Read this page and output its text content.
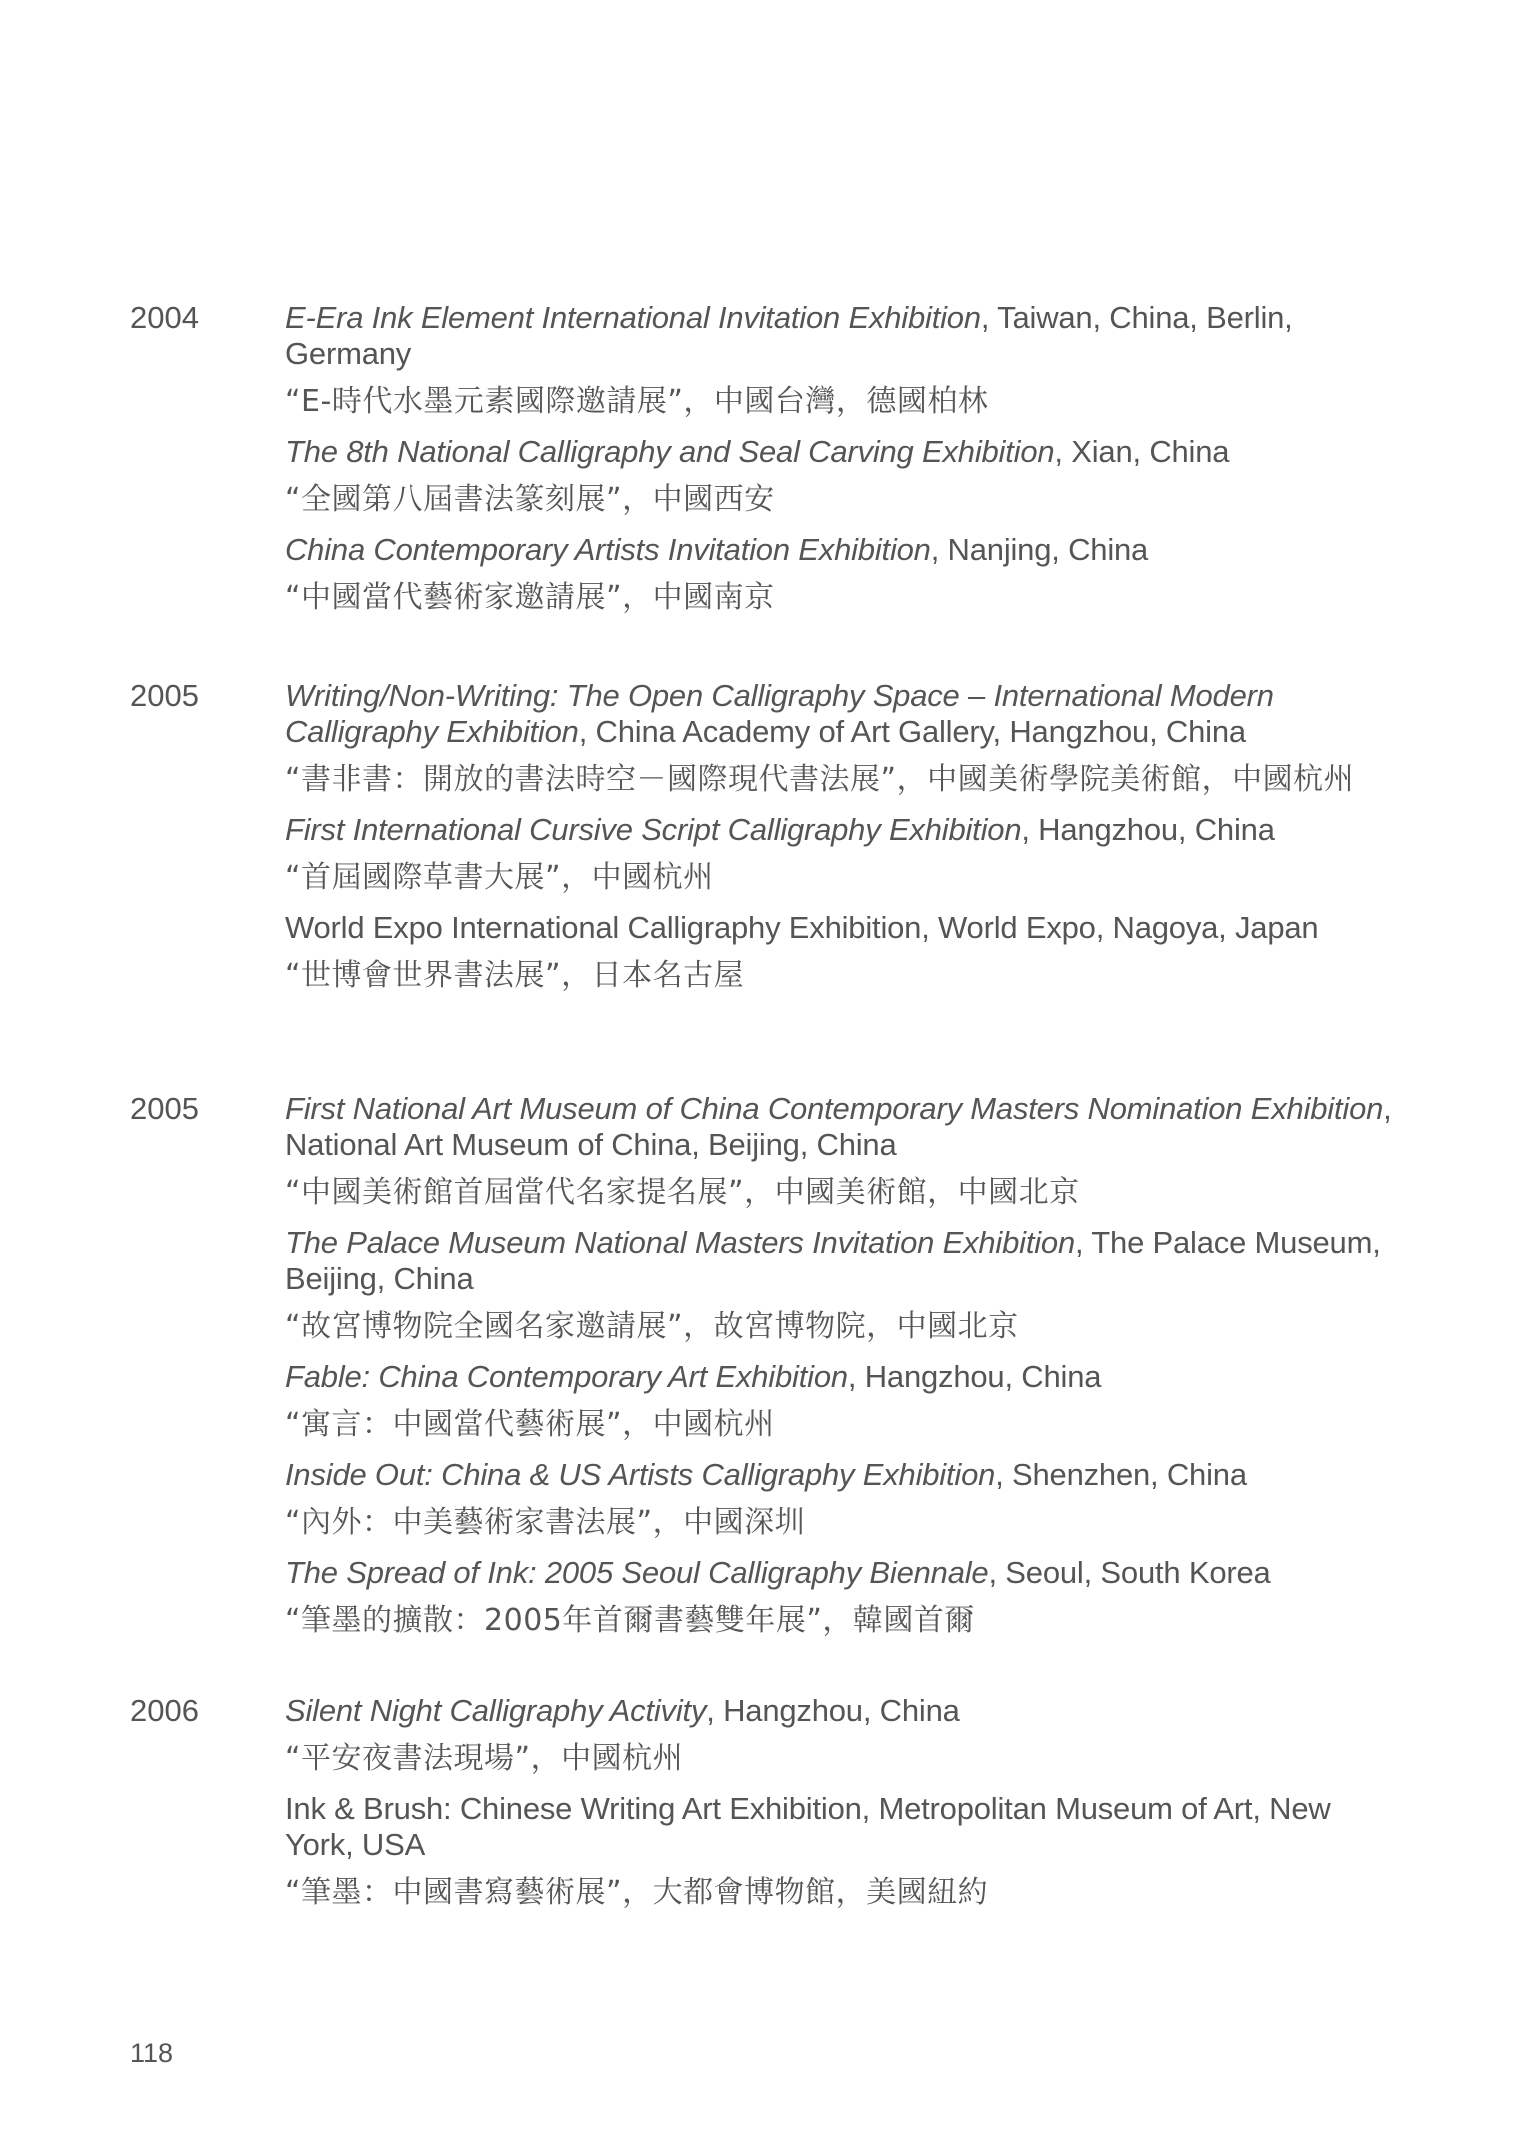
2004	E-Era Ink Element International Invitation Exhibition, Taiwan, China, Berlin, Germany

“E-時代水墨元素國際邀請展”，中國台灣，德國柏林

The 8th National Calligraphy and Seal Carving Exhibition, Xian, China

“全國第八屆書法篆刻展”，中國西安

China Contemporary Artists Invitation Exhibition, Nanjing, China

“中國當代藝術家邀請展”，中國南京

2005	Writing/Non-Writing: The Open Calligraphy Space – International Modern Calligraphy Exhibition, China Academy of Art Gallery, Hangzhou, China

“書非書：開放的書法時空－國際現代書法展”，中國美術學院美術館，中國杭州

First International Cursive Script Calligraphy Exhibition, Hangzhou, China

“首屆國際草書大展”，中國杭州

World Expo International Calligraphy Exhibition, World Expo, Nagoya, Japan

“世博會世界書法展”，日本名古屋

2005	First National Art Museum of China Contemporary Masters Nomination Exhibition, National Art Museum of China, Beijing, China

“中國美術館首屆當代名家提名展”，中國美術館，中國北京

The Palace Museum National Masters Invitation Exhibition, The Palace Museum, Beijing, China

“故宮博物院全國名家邀請展”，故宮博物院，中國北京

Fable: China Contemporary Art Exhibition, Hangzhou, China

“寓言：中國當代藝術展”，中國杭州

Inside Out: China & US Artists Calligraphy Exhibition, Shenzhen, China

“內外：中美藝術家書法展”，中國深圳

The Spread of Ink: 2005 Seoul Calligraphy Biennale, Seoul, South Korea

“筆墨的擴散：2005年首爾書藝雙年展”，韓國首爾

2006	Silent Night Calligraphy Activity, Hangzhou, China

“平安夜書法現場”，中國杭州

Ink & Brush: Chinese Writing Art Exhibition, Metropolitan Museum of Art, New York, USA

“筆墨：中國書寫藝術展”，大都會博物館，美國紐約

118
